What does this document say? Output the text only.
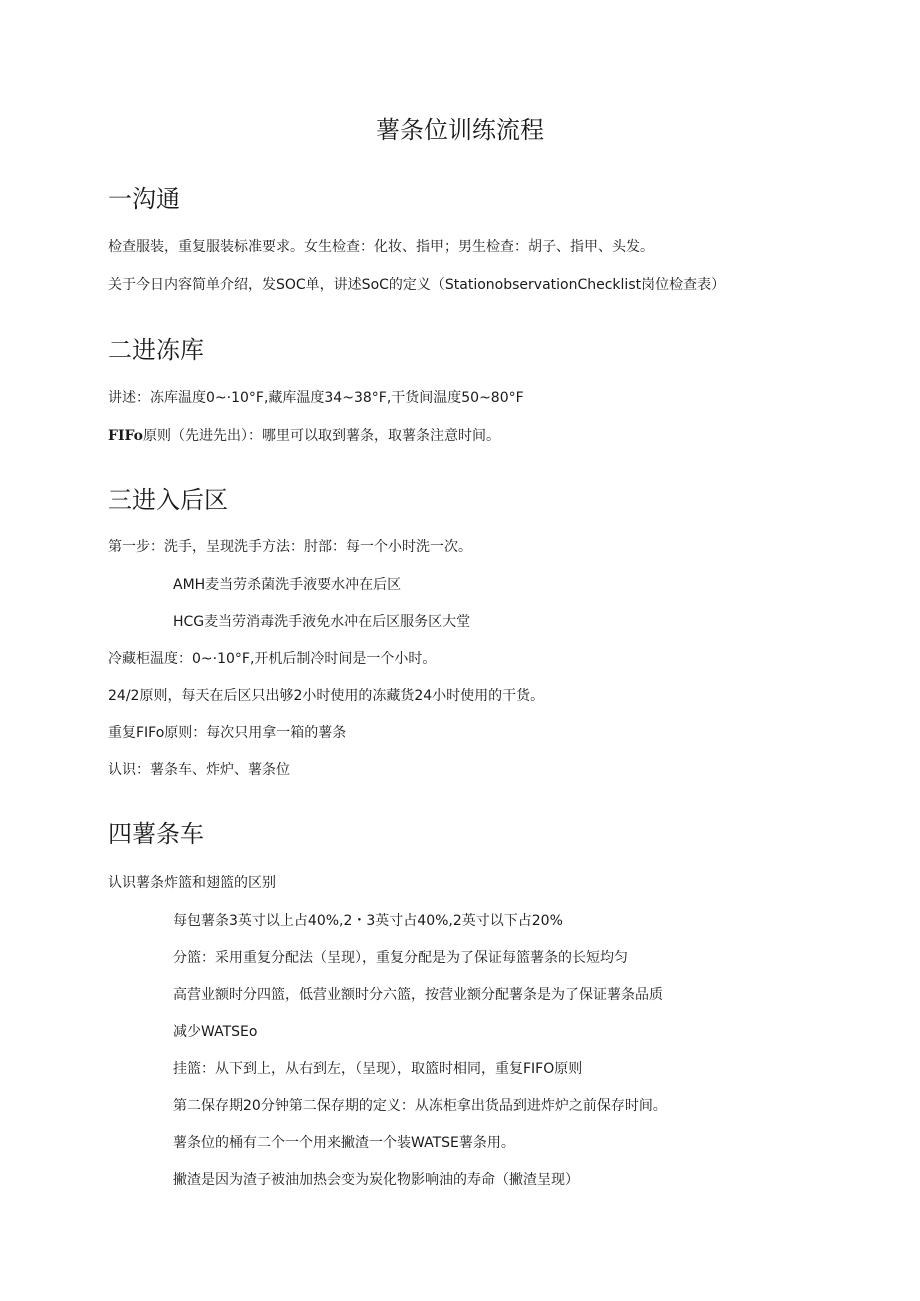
薯条位训练流程
一沟通

检查服装，重复服装标准要求。女生检查：化妆、指甲；男生检查：胡子、指甲、头发。

关于今日内容简单介绍，发SOC单，讲述SoC的定义（StationobservationChecklist岗位检查表）

二进冻库

讲述：冻库温度0~·10°F,藏库温度34~38°F,干货间温度50~80°F

FIFo原则（先进先出）：哪里可以取到薯条，取薯条注意时间。

三进入后区

第一步：洗手，呈现洗手方法：肘部：每一个小时洗一次。

AMH麦当劳杀菌洗手液要水冲在后区

HCG麦当劳消毒洗手液免水冲在后区服务区大堂

冷藏柜温度：0~·10°F,开机后制冷时间是一个小时。

24/2原则，每天在后区只出够2小时使用的冻藏货24小时使用的干货。

重复FIFo原则：每次只用拿一箱的薯条

认识：薯条车、炸炉、薯条位

四薯条车

认识薯条炸篮和翅篮的区别

每包薯条3英寸以上占40%,2・3英寸占40%,2英寸以下占20%

分篮：采用重复分配法（呈现），重复分配是为了保证每篮薯条的长短均匀

高营业额时分四篮，低营业额时分六篮，按营业额分配薯条是为了保证薯条品质

减少WATSEo

挂篮：从下到上，从右到左，（呈现），取篮时相同，重复FIFO原则

第二保存期20分钟第二保存期的定义：从冻柜拿出货品到进炸炉之前保存时间。

薯条位的桶有二个一个用来撇渣一个装WATSE薯条用。

撇渣是因为渣子被油加热会变为炭化物影响油的寿命（撇渣呈现）
